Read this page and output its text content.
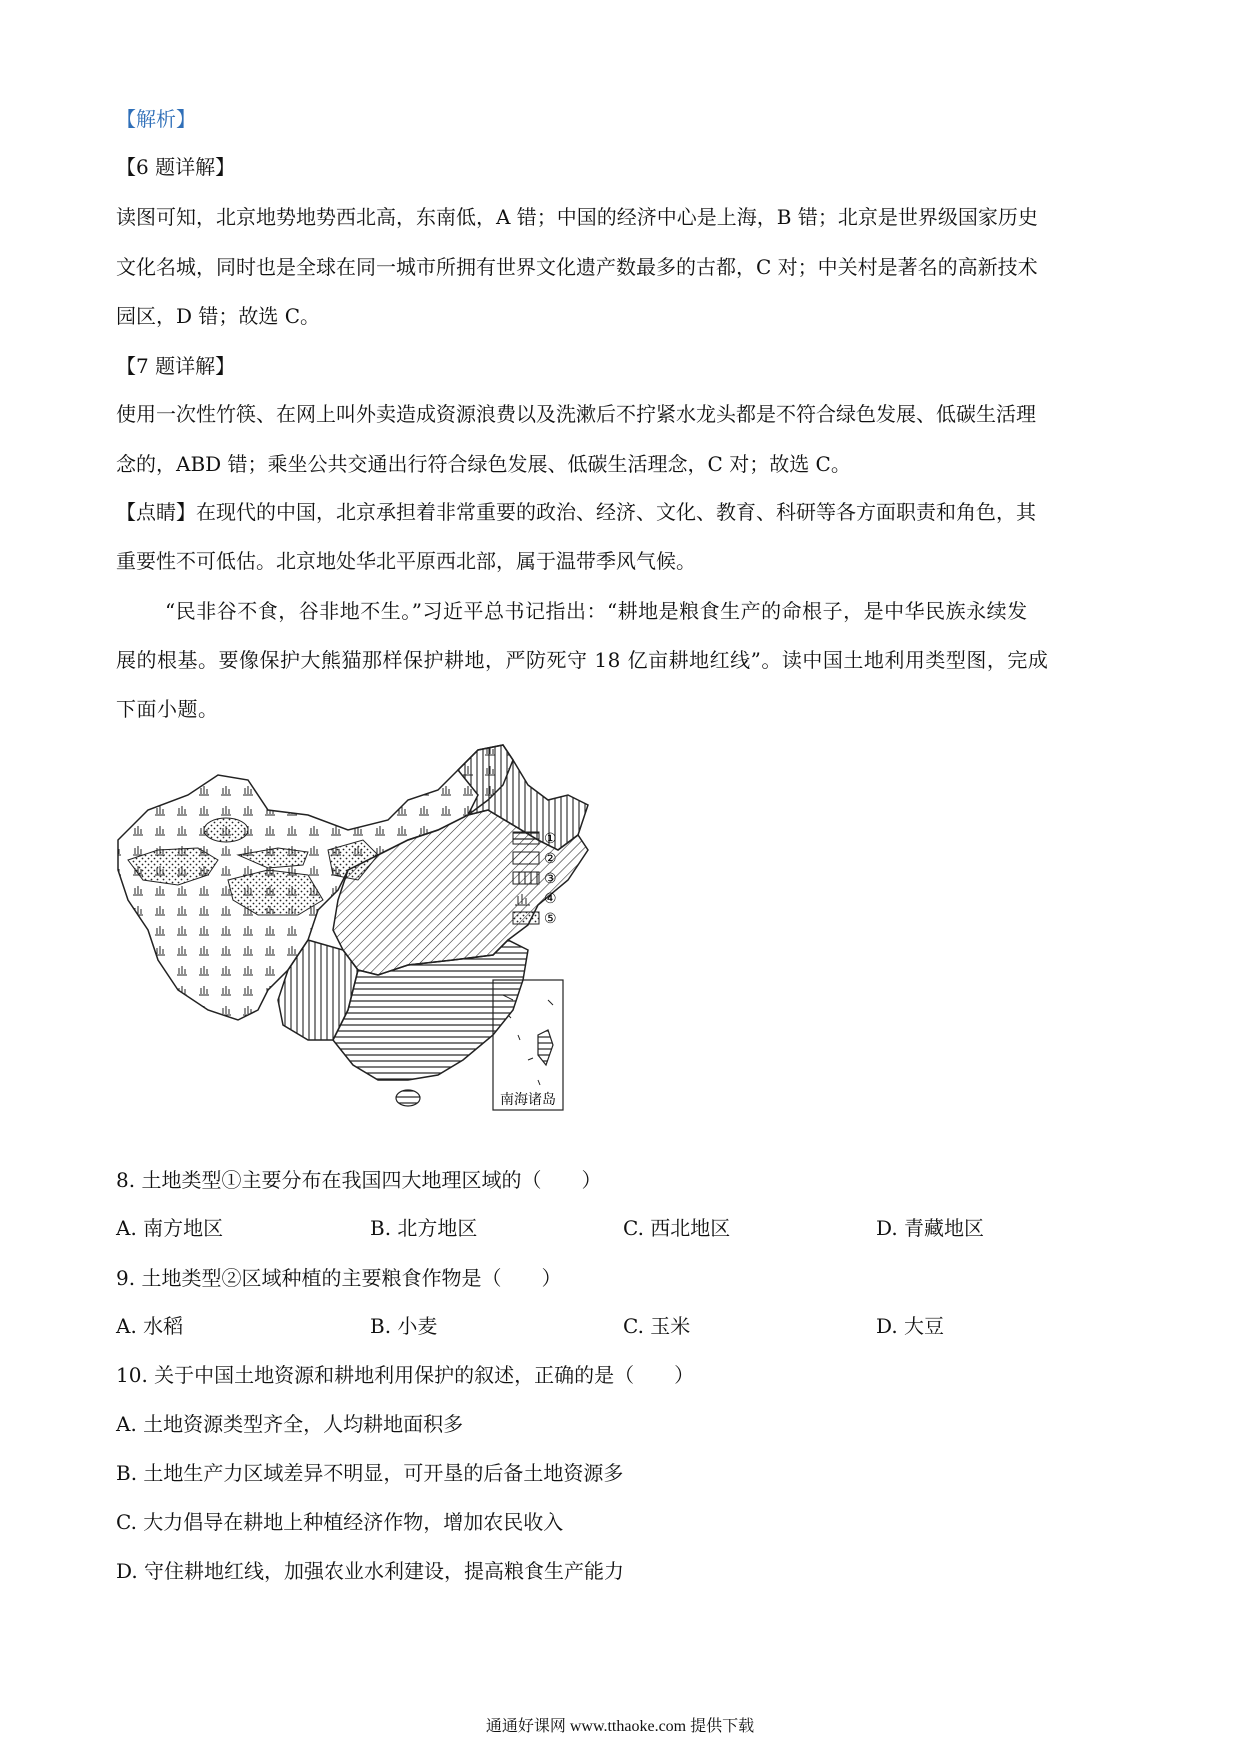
【解析】
【6 题详解】
读图可知，北京地势地势西北高，东南低，A 错；中国的经济中心是上海，B 错；北京是世界级国家历史
文化名城，同时也是全球在同一城市所拥有世界文化遗产数最多的古都，C 对；中关村是著名的高新技术
园区，D 错；故选 C。
【7 题详解】
使用一次性竹筷、在网上叫外卖造成资源浪费以及洗漱后不拧紧水龙头都是不符合绿色发展、低碳生活理
念的，ABD 错；乘坐公共交通出行符合绿色发展、低碳生活理念，C 对；故选 C。
【点睛】在现代的中国，北京承担着非常重要的政治、经济、文化、教育、科研等各方面职责和角色，其
重要性不可低估。北京地处华北平原西北部，属于温带季风气候。
“民非谷不食，谷非地不生。”习近平总书记指出：“耕地是粮食生产的命根子，是中华民族永续发
展的根基。要像保护大熊猫那样保护耕地，严防死守 18 亿亩耕地红线”。读中国土地利用类型图，完成
下面小题。
南海诸岛
①
②
③
④
⑤
8. 土地类型①主要分布在我国四大地理区域的（　　）
A. 南方地区	B. 北方地区	C. 西北地区	D. 青藏地区
9. 土地类型②区域种植的主要粮食作物是（　　）
A. 水稻	B. 小麦	C. 玉米	D. 大豆
10. 关于中国土地资源和耕地利用保护的叙述，正确的是（　　）
A. 土地资源类型齐全，人均耕地面积多
B. 土地生产力区域差异不明显，可开垦的后备土地资源多
C. 大力倡导在耕地上种植经济作物，增加农民收入
D. 守住耕地红线，加强农业水利建设，提高粮食生产能力
通通好课网 www.tthaoke.com 提供下载
